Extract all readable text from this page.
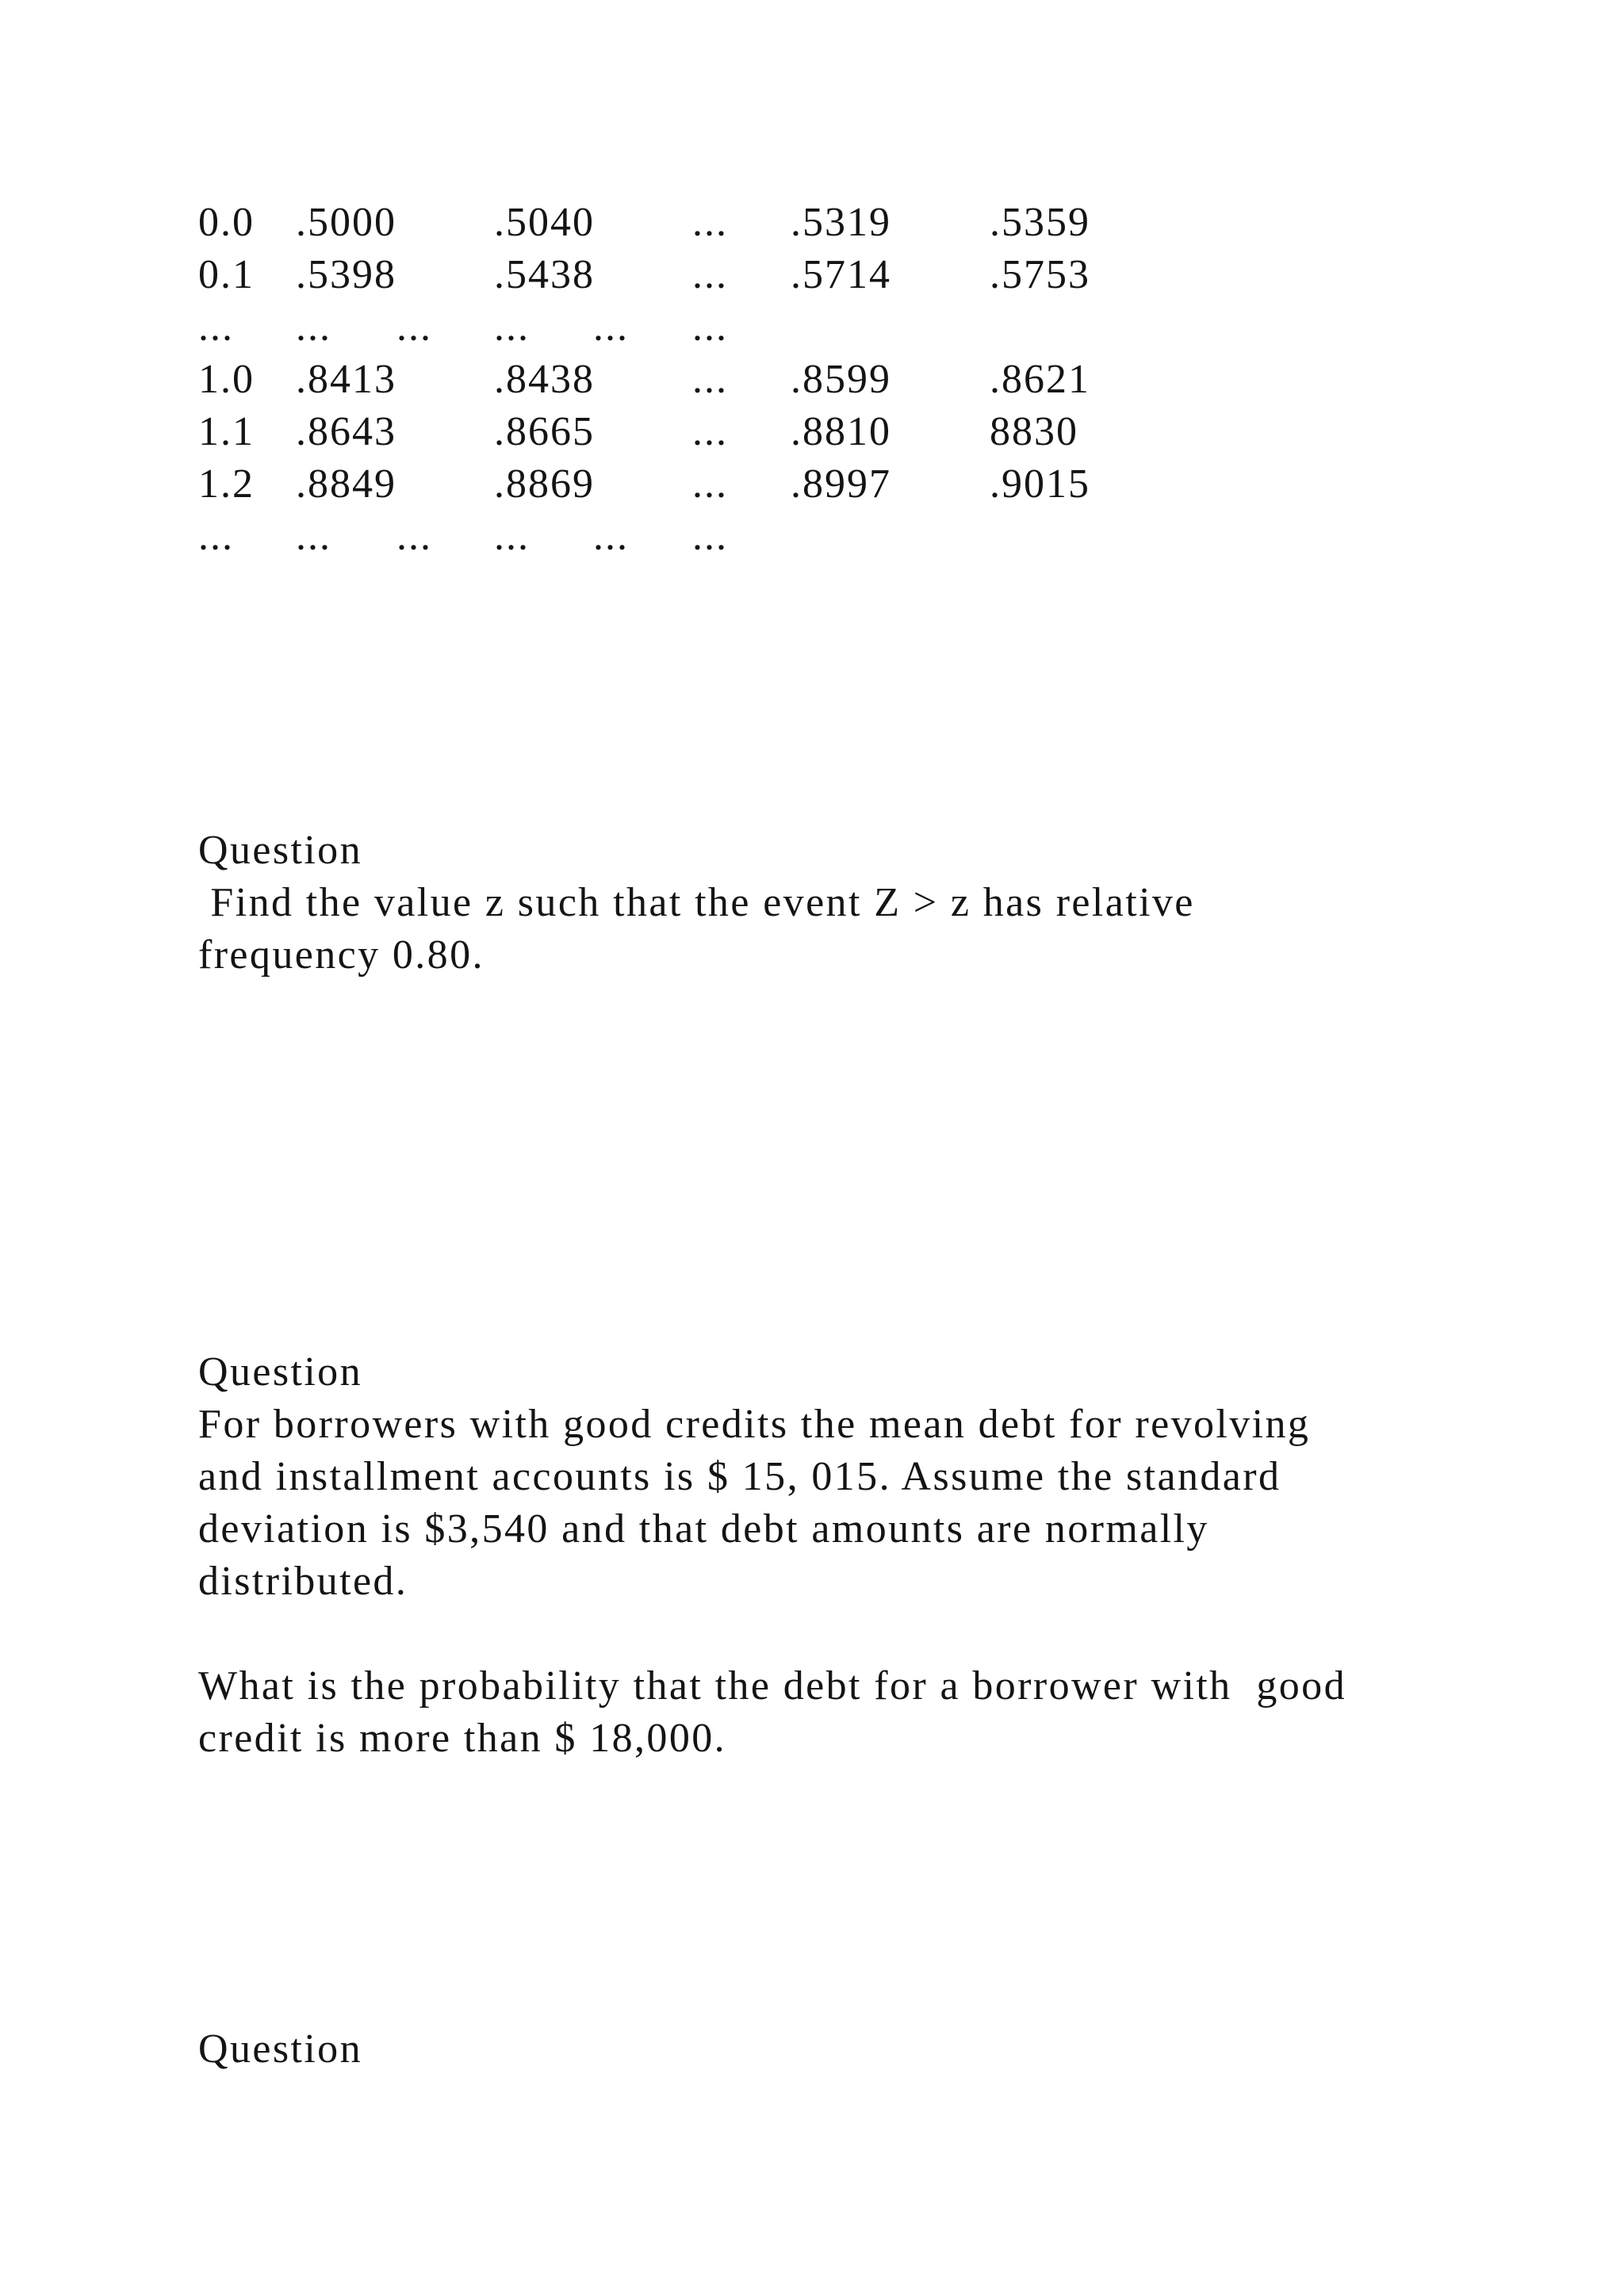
0.0 .5000 .5040 ... .5319 .5359
0.1 .5398 .5438 ... .5714 .5753
... ... ... ... ... ...
1.0 .8413 .8438 ... .8599 .8621
1.1 .8643 .8665 ... .8810 8830
1.2 .8849 .8869 ... .8997 .9015
... ... ... ... ... ...
Question
Find the value z such that the event Z > z has relative
frequency 0.80.
Question
For borrowers with good credits the mean debt for revolving
and installment accounts is $ 15, 015. Assume the standard
deviation is $3,540 and that debt amounts are normally
distributed.
What is the probability that the debt for a borrower with  good
credit is more than $ 18,000.
Question
